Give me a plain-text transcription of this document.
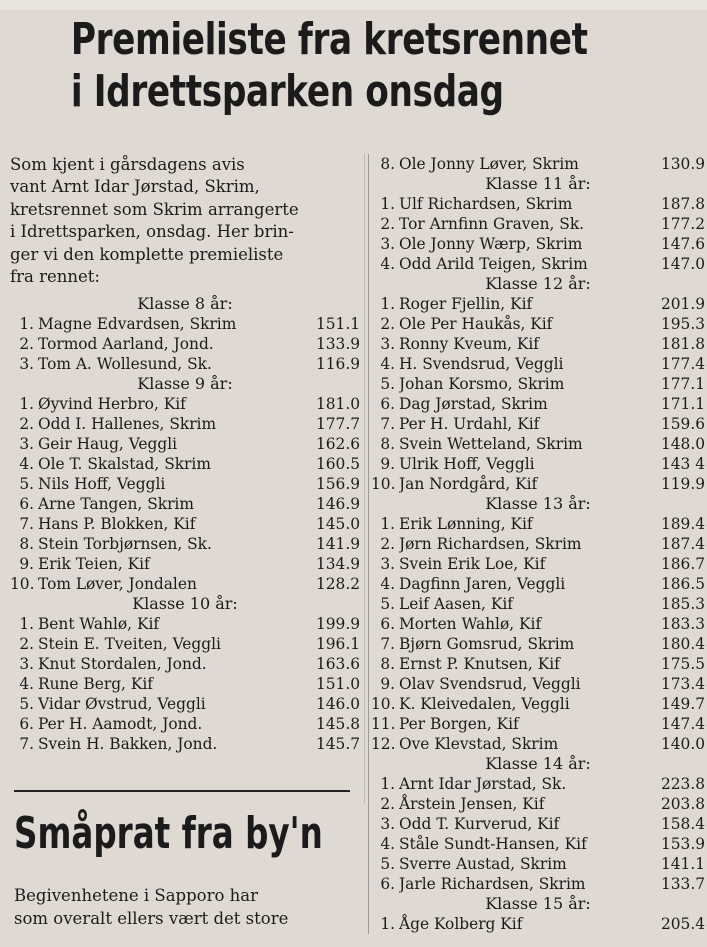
Premieliste fra kretsrennet
i Idrettsparken onsdag

Som kjent i gårsdagens avis
vant Arnt Idar Jørstad, Skrim,
kretsrennet som Skrim arrangerte
i Idrettsparken, onsdag. Her brin-
ger vi den komplette premieliste
fra rennet:

Klasse 8 år:
1. Magne Edvardsen, Skrim	151.1
2. Tormod Aarland, Jond.	133.9
3. Tom A. Wollesund, Sk.	116.9
Klasse 9 år:
1. Øyvind Herbro, Kif	181.0
2. Odd I. Hallenes, Skrim	177.7
3. Geir Haug, Veggli	162.6
4. Ole T. Skalstad, Skrim	160.5
5. Nils Hoff, Veggli	156.9
6. Arne Tangen, Skrim	146.9
7. Hans P. Blokken, Kif	145.0
8. Stein Torbjørnsen, Sk.	141.9
9. Erik Teien, Kif	134.9
10. Tom Løver, Jondalen	128.2
Klasse 10 år:
1. Bent Wahlø, Kif	199.9
2. Stein E. Tveiten, Veggli	196.1
3. Knut Stordalen, Jond.	163.6
4. Rune Berg, Kif	151.0
5. Vidar Øvstrud, Veggli	146.0
6. Per H. Aamodt, Jond.	145.8
7. Svein H. Bakken, Jond.	145.7
8. Ole Jonny Løver, Skrim	130.9
Klasse 11 år:
1. Ulf Richardsen, Skrim	187.8
2. Tor Arnfinn Graven, Sk.	177.2
3. Ole Jonny Wærp, Skrim	147.6
4. Odd Arild Teigen, Skrim	147.0
Klasse 12 år:
1. Roger Fjellin, Kif	201.9
2. Ole Per Haukås, Kif	195.3
3. Ronny Kveum, Kif	181.8
4. H. Svendsrud, Veggli	177.4
5. Johan Korsmo, Skrim	177.1
6. Dag Jørstad, Skrim	171.1
7. Per H. Urdahl, Kif	159.6
8. Svein Wetteland, Skrim	148.0
9. Ulrik Hoff, Veggli	143 4
10. Jan Nordgård, Kif	119.9
Klasse 13 år:
1. Erik Lønning, Kif	189.4
2. Jørn Richardsen, Skrim	187.4
3. Svein Erik Loe, Kif	186.7
4. Dagfinn Jaren, Veggli	186.5
5. Leif Aasen, Kif	185.3
6. Morten Wahlø, Kif	183.3
7. Bjørn Gomsrud, Skrim	180.4
8. Ernst P. Knutsen, Kif	175.5
9. Olav Svendsrud, Veggli	173.4
10. K. Kleivedalen, Veggli	149.7
11. Per Borgen, Kif	147.4
12. Ove Klevstad, Skrim	140.0
Klasse 14 år:
1. Arnt Idar Jørstad, Sk.	223.8
2. Årstein Jensen, Kif	203.8
3. Odd T. Kurverud, Kif	158.4
4. Ståle Sundt-Hansen, Kif	153.9
5. Sverre Austad, Skrim	141.1
6. Jarle Richardsen, Skrim	133.7
Klasse 15 år:
1. Åge Kolberg Kif	205.4
Småprat fra by'n
Begivenhetene i Sapporo har
som overalt ellers vært det store
